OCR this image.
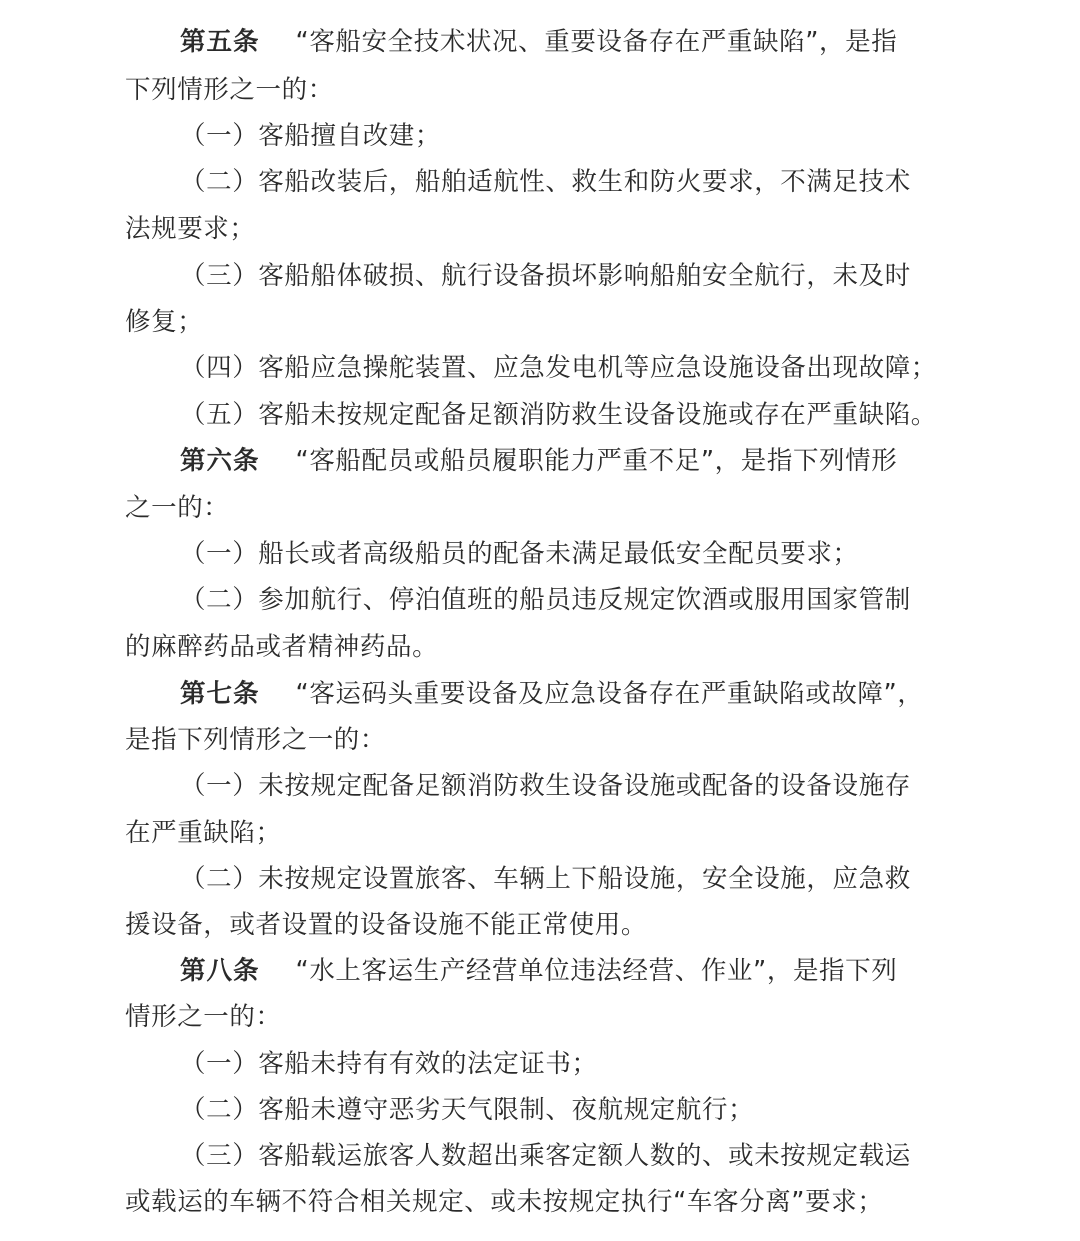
第五条 “客船安全技术状况、重要设备存在严重缺陷”，是指
下列情形之一的：
（一）客船擅自改建；
（二）客船改装后，船舶适航性、救生和防火要求，不满足技术
法规要求；
（三）客船船体破损、航行设备损坏影响船舶安全航行，未及时
修复；
（四）客船应急操舵装置、应急发电机等应急设施设备出现故障；
（五）客船未按规定配备足额消防救生设备设施或存在严重缺陷。
第六条 “客船配员或船员履职能力严重不足”，是指下列情形
之一的：
（一）船长或者高级船员的配备未满足最低安全配员要求；
（二）参加航行、停泊值班的船员违反规定饮酒或服用国家管制
的麻醉药品或者精神药品。
第七条 “客运码头重要设备及应急设备存在严重缺陷或故障”，
是指下列情形之一的：
（一）未按规定配备足额消防救生设备设施或配备的设备设施存
在严重缺陷；
（二）未按规定设置旅客、车辆上下船设施，安全设施，应急救
援设备，或者设置的设备设施不能正常使用。
第八条 “水上客运生产经营单位违法经营、作业”，是指下列
情形之一的：
（一）客船未持有有效的法定证书；
（二）客船未遵守恶劣天气限制、夜航规定航行；
（三）客船载运旅客人数超出乘客定额人数的、或未按规定载运
或载运的车辆不符合相关规定、或未按规定执行“车客分离”要求；
